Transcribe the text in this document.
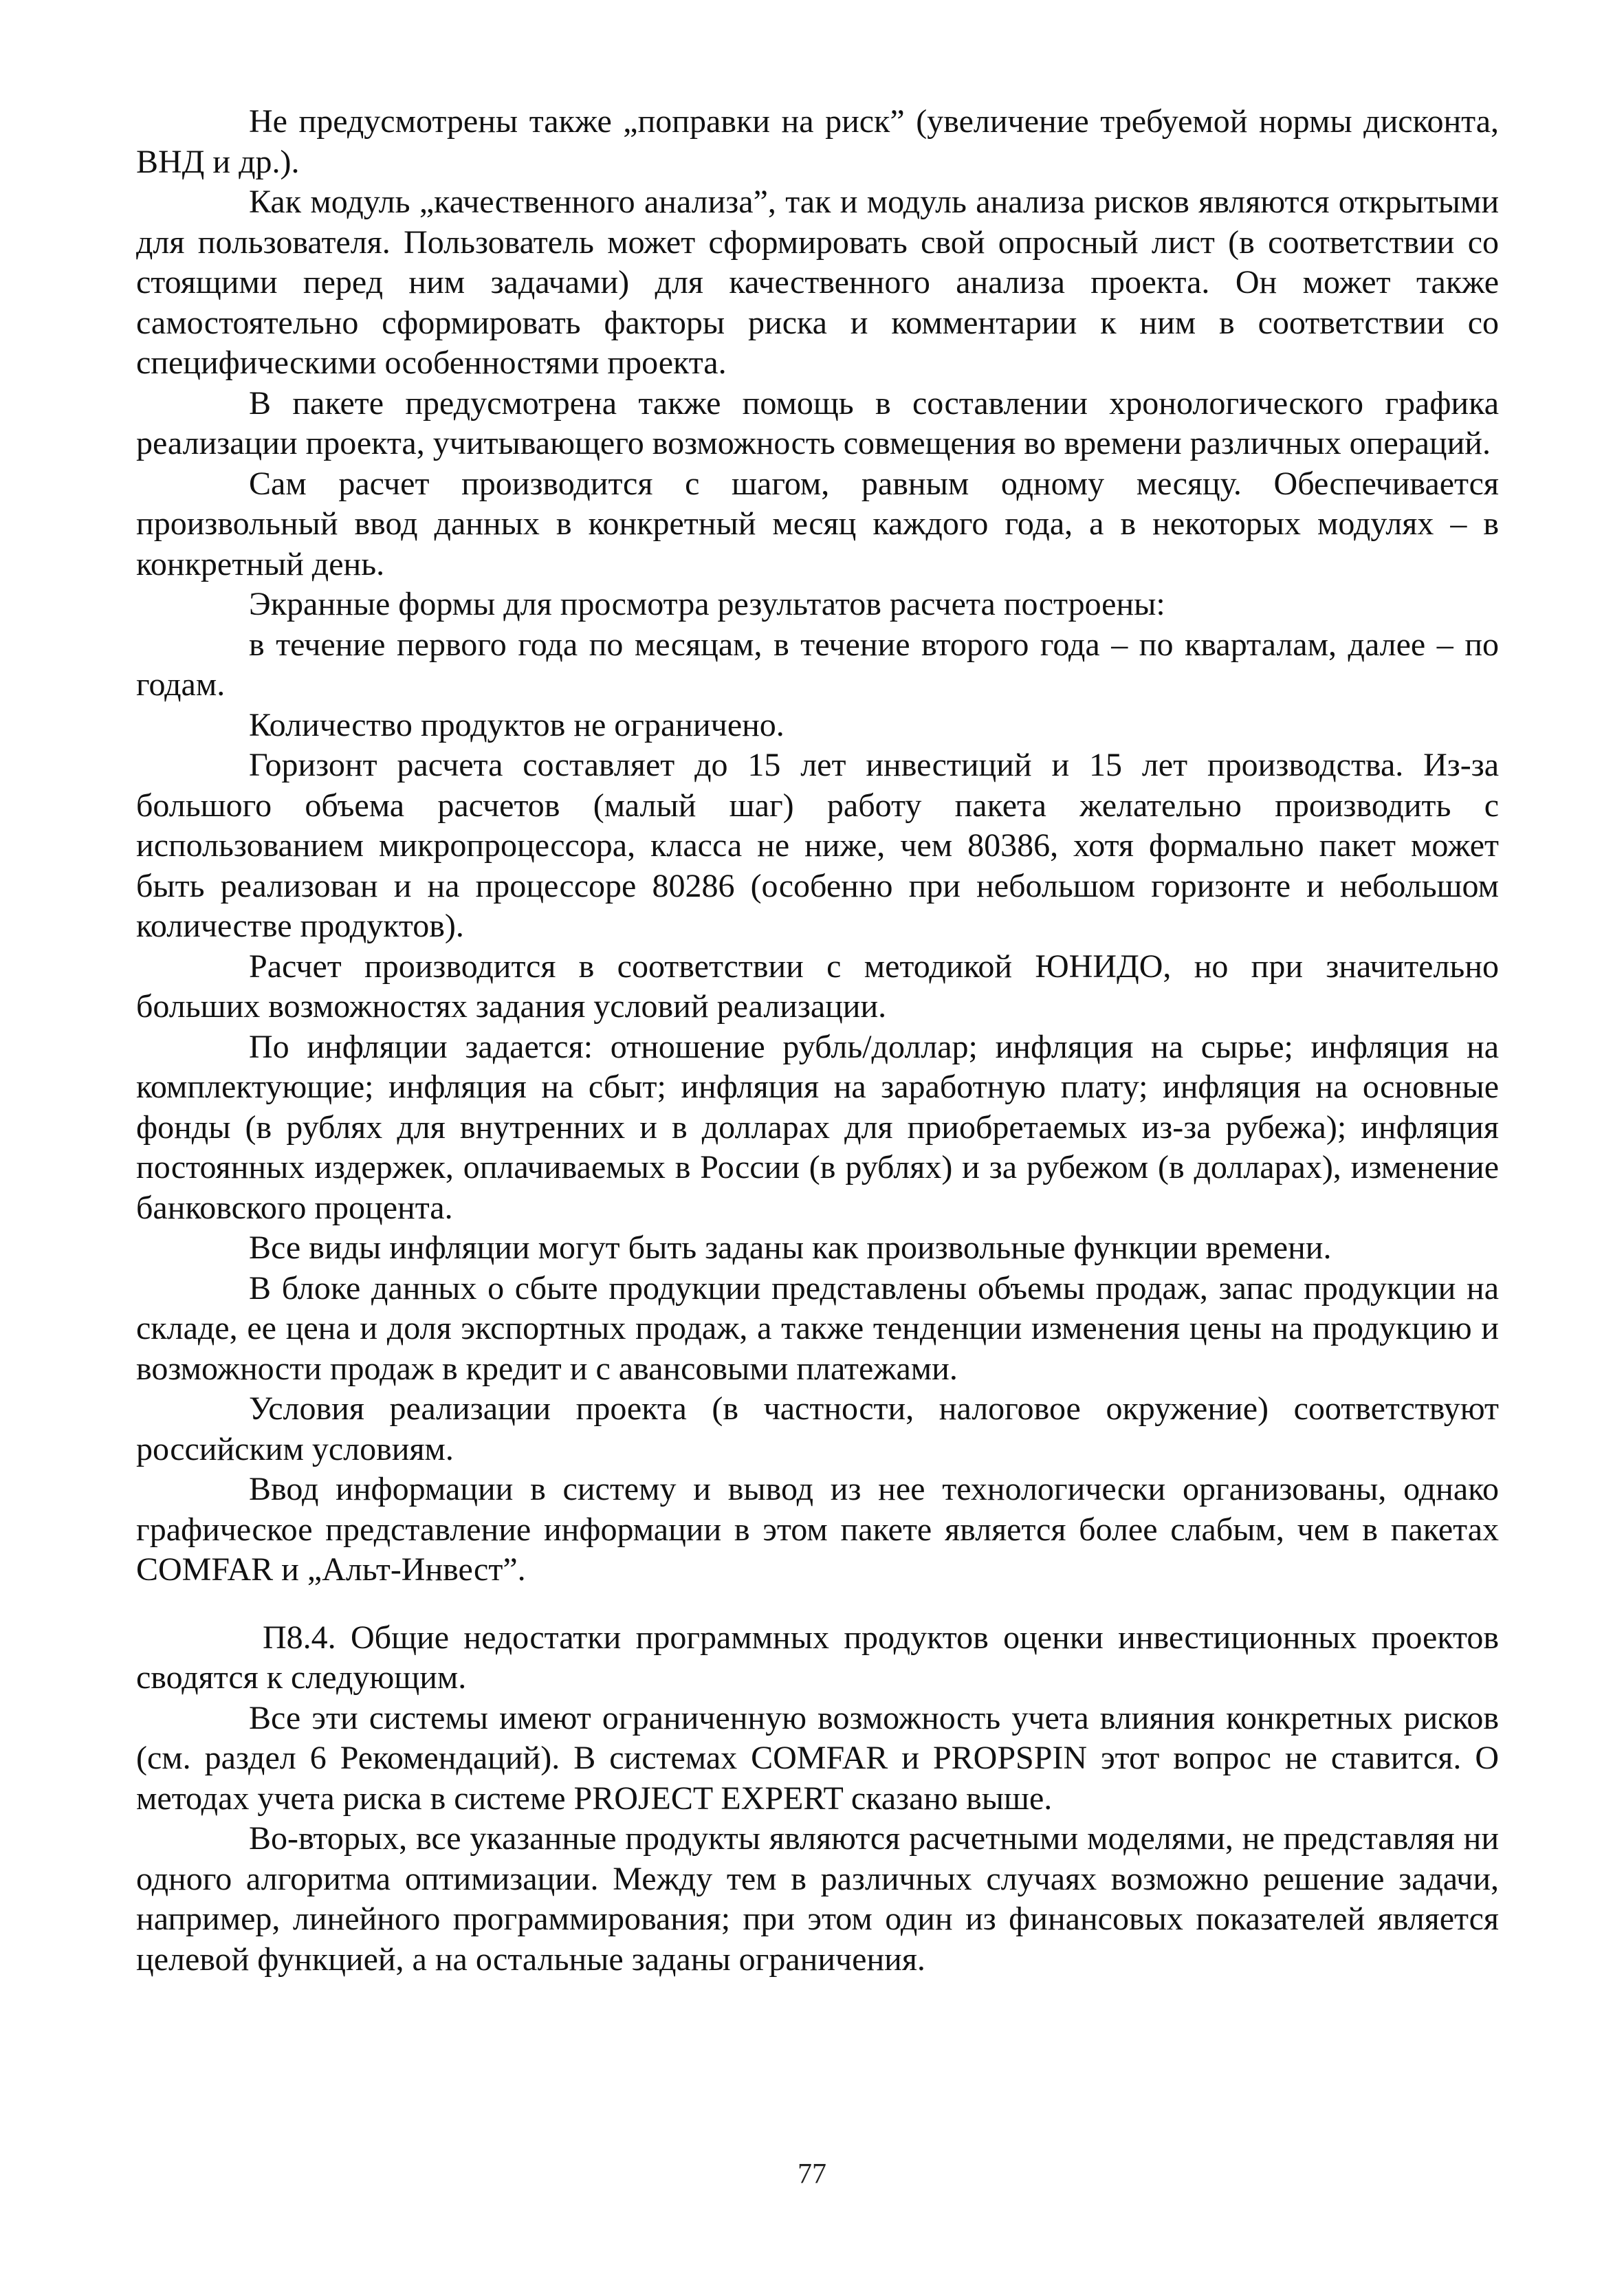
Не предусмотрены также „поправки на риск” (увеличение требуемой нормы дисконта, ВНД и др.).

Как модуль „качественного анализа”, так и модуль анализа рисков являются открытыми для пользователя. Пользователь может сформировать свой опросный лист (в соответствии со стоящими перед ним задачами) для качественного анализа проекта. Он может также самостоятельно сформировать факторы риска и комментарии к ним в соответствии со специфическими особенностями проекта.

В пакете предусмотрена также помощь в составлении хронологического графика реализации проекта, учитывающего возможность совмещения во времени различных операций.

Сам расчет производится с шагом, равным одному месяцу. Обеспечивается произвольный ввод данных в конкретный месяц каждого года, а в некоторых модулях – в конкретный день.

Экранные формы для просмотра результатов расчета построены:

в течение первого года по месяцам, в течение второго года – по кварталам, далее – по годам.

Количество продуктов не ограничено.

Горизонт расчета составляет до 15 лет инвестиций и 15 лет производства. Из-за большого объема расчетов (малый шаг) работу пакета желательно производить с использованием микропроцессора, класса не ниже, чем 80386, хотя формально пакет может быть реализован и на процессоре 80286 (особенно при небольшом горизонте и небольшом количестве продуктов).

Расчет производится в соответствии с методикой ЮНИДО, но при значительно больших возможностях задания условий реализации.

По инфляции задается: отношение рубль/доллар; инфляция на сырье; инфляция на комплектующие; инфляция на сбыт; инфляция на заработную плату; инфляция на основные фонды (в рублях для внутренних и в долларах для приобретаемых из-за рубежа); инфляция постоянных издержек, оплачиваемых в России (в рублях) и за рубежом (в долларах), изменение банковского процента.

Все виды инфляции могут быть заданы как произвольные функции времени.

В блоке данных о сбыте продукции представлены объемы продаж, запас продукции на складе, ее цена и доля экспортных продаж, а также тенденции изменения цены на продукцию и возможности продаж в кредит и с авансовыми платежами.

Условия реализации проекта (в частности, налоговое окружение) соответствуют российским условиям.

Ввод информации в систему и вывод из нее технологически организованы, однако графическое представление информации в этом пакете является более слабым, чем в пакетах COMFAR и „Альт-Инвест”.

П8.4. Общие недостатки программных продуктов оценки инвестиционных проектов сводятся к следующим.

Все эти системы имеют ограниченную возможность учета влияния конкретных рисков (см. раздел 6 Рекомендаций). В системах COMFAR и PROPSPIN этот вопрос не ставится. О методах учета риска в системе PROJECT EXPERT сказано выше.

Во-вторых, все указанные продукты являются расчетными моделями, не представляя ни одного алгоритма оптимизации. Между тем в различных случаях возможно решение задачи, например, линейного программирования; при этом один из финансовых показателей является целевой функцией, а на остальные заданы ограничения.

77
